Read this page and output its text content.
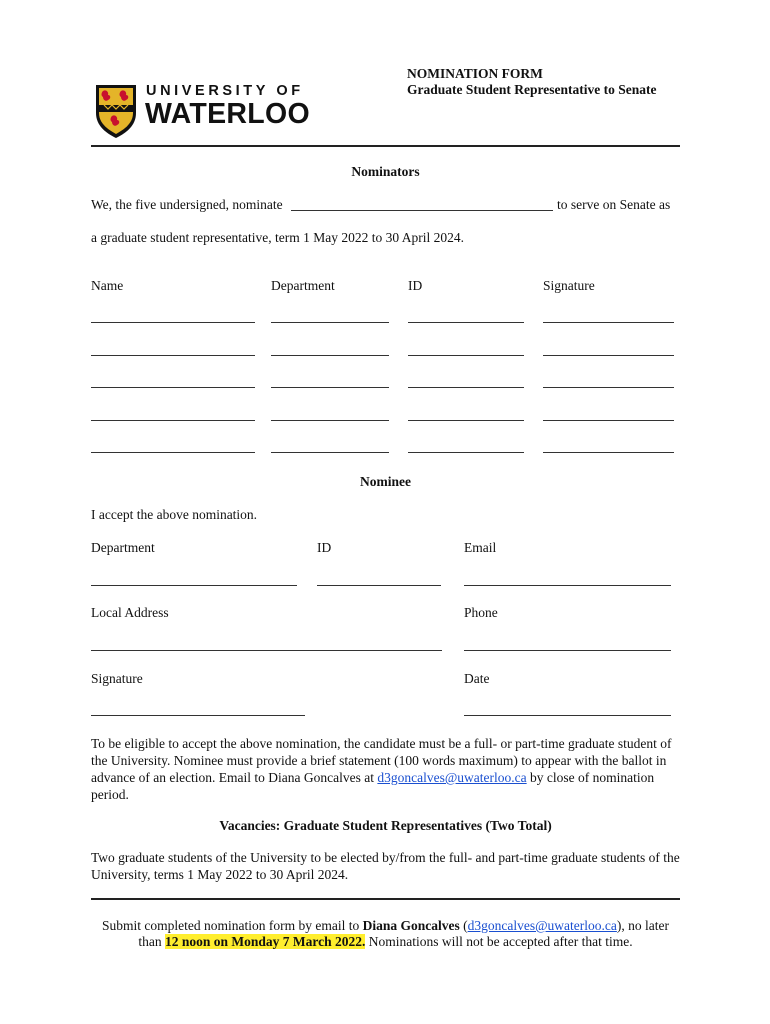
UNIVERSITY OF
WATERLOO
NOMINATION FORM
Graduate Student Representative to Senate
Nominators
We, the five undersigned, nominate	to serve on Senate as
a graduate student representative, term 1 May 2022 to 30 April 2024.
Name	Department	ID	Signature
Nominee
I accept the above nomination.
Department	ID	Email
Local Address	Phone
Signature	Date
To be eligible to accept the above nomination, the candidate must be a full- or part-time graduate student of the University. Nominee must provide a brief statement (100 words maximum) to appear with the ballot in advance of an election. Email to Diana Goncalves at d3goncalves@uwaterloo.ca by close of nomination period.
Vacancies: Graduate Student Representatives (Two Total)
Two graduate students of the University to be elected by/from the full- and part-time graduate students of the University, terms 1 May 2022 to 30 April 2024.
Submit completed nomination form by email to Diana Goncalves (d3goncalves@uwaterloo.ca), no later
than 12 noon on Monday 7 March 2022. Nominations will not be accepted after that time.
